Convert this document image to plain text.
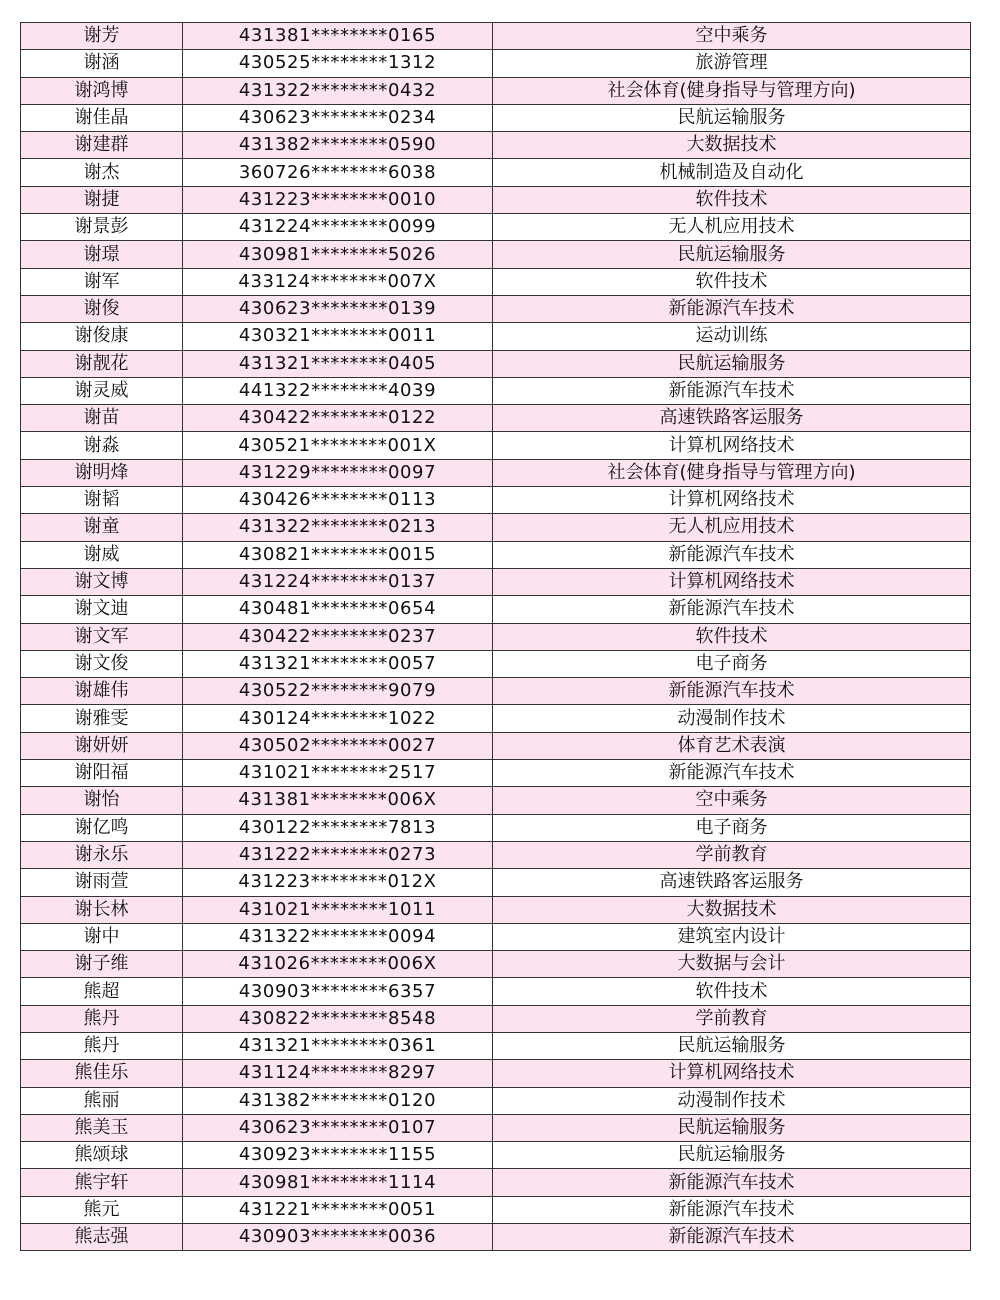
谢芳	431381********0165	空中乘务
谢涵	430525********1312	旅游管理
谢鸿博	431322********0432	社会体育(健身指导与管理方向)
谢佳晶	430623********0234	民航运输服务
谢建群	431382********0590	大数据技术
谢杰	360726********6038	机械制造及自动化
谢捷	431223********0010	软件技术
谢景彭	431224********0099	无人机应用技术
谢璟	430981********5026	民航运输服务
谢军	433124********007X	软件技术
谢俊	430623********0139	新能源汽车技术
谢俊康	430321********0011	运动训练
谢靓花	431321********0405	民航运输服务
谢灵威	441322********4039	新能源汽车技术
谢苗	430422********0122	高速铁路客运服务
谢淼	430521********001X	计算机网络技术
谢明烽	431229********0097	社会体育(健身指导与管理方向)
谢韬	430426********0113	计算机网络技术
谢童	431322********0213	无人机应用技术
谢威	430821********0015	新能源汽车技术
谢文博	431224********0137	计算机网络技术
谢文迪	430481********0654	新能源汽车技术
谢文军	430422********0237	软件技术
谢文俊	431321********0057	电子商务
谢雄伟	430522********9079	新能源汽车技术
谢雅雯	430124********1022	动漫制作技术
谢妍妍	430502********0027	体育艺术表演
谢阳福	431021********2517	新能源汽车技术
谢怡	431381********006X	空中乘务
谢亿鸣	430122********7813	电子商务
谢永乐	431222********0273	学前教育
谢雨萱	431223********012X	高速铁路客运服务
谢长林	431021********1011	大数据技术
谢中	431322********0094	建筑室内设计
谢子维	431026********006X	大数据与会计
熊超	430903********6357	软件技术
熊丹	430822********8548	学前教育
熊丹	431321********0361	民航运输服务
熊佳乐	431124********8297	计算机网络技术
熊丽	431382********0120	动漫制作技术
熊美玉	430623********0107	民航运输服务
熊颂球	430923********1155	民航运输服务
熊宇轩	430981********1114	新能源汽车技术
熊元	431221********0051	新能源汽车技术
熊志强	430903********0036	新能源汽车技术
